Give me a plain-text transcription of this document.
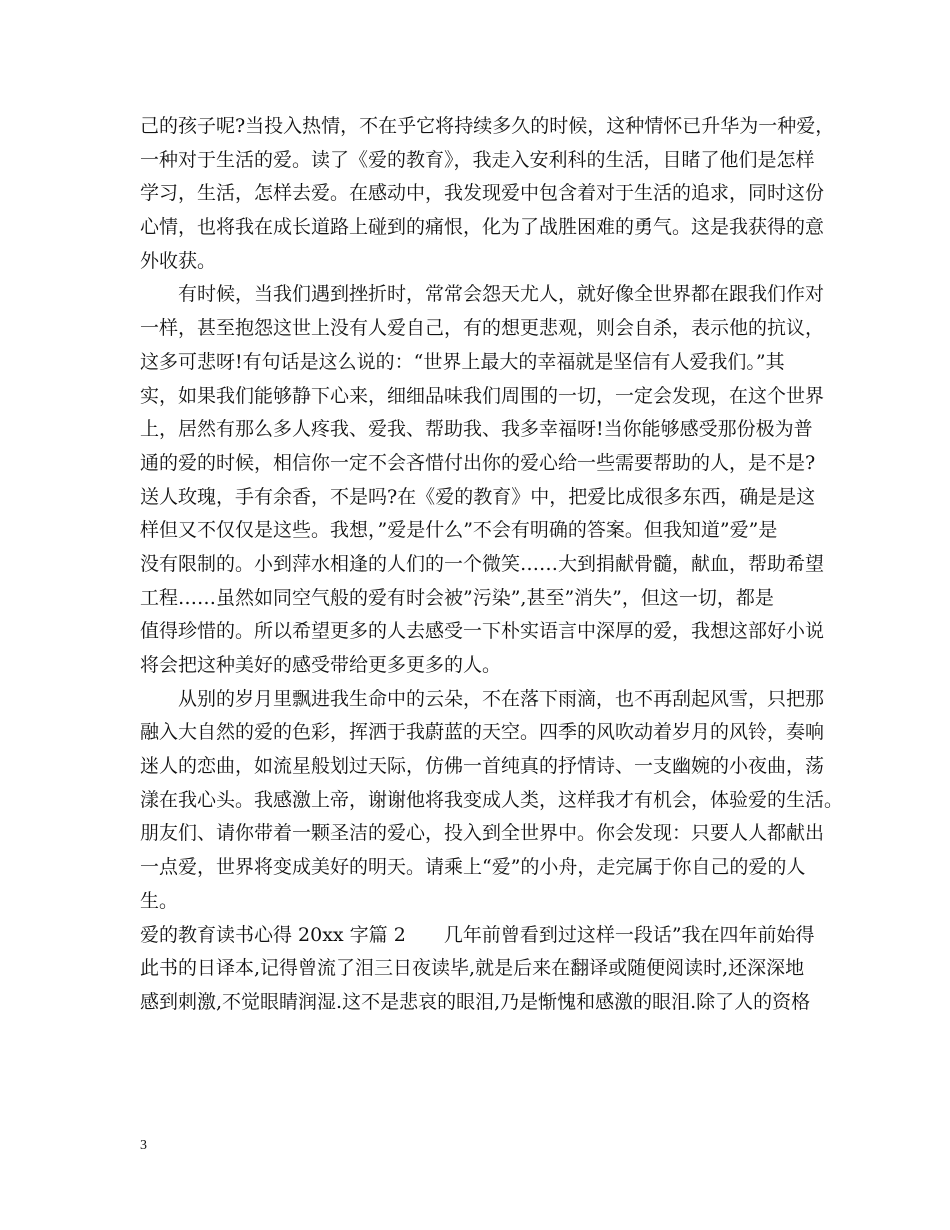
己的孩子呢?当投入热情，不在乎它将持续多久的时候，这种情怀已升华为一种爱，
一种对于生活的爱。读了《爱的教育》，我走入安利科的生活，目睹了他们是怎样
学习，生活，怎样去爱。在感动中，我发现爱中包含着对于生活的追求，同时这份
心情，也将我在成长道路上碰到的痛恨，化为了战胜困难的勇气。这是我获得的意
外收获。
　　有时候，当我们遇到挫折时，常常会怨天尤人，就好像全世界都在跟我们作对
一样，甚至抱怨这世上没有人爱自己，有的想更悲观，则会自杀，表示他的抗议，
这多可悲呀!有句话是这么说的：“世界上最大的幸福就是坚信有人爱我们。”其
实，如果我们能够静下心来，细细品味我们周围的一切，一定会发现，在这个世界
上，居然有那么多人疼我、爱我、帮助我、我多幸福呀!当你能够感受那份极为普
通的爱的时候，相信你一定不会吝惜付出你的爱心给一些需要帮助的人，是不是?
送人玫瑰，手有余香，不是吗?在《爱的教育》中，把爱比成很多东西，确是是这
样但又不仅仅是这些。我想，”爱是什么”不会有明确的答案。但我知道”爱”是
没有限制的。小到萍水相逢的人们的一个微笑……大到捐献骨髓，献血，帮助希望
工程……虽然如同空气般的爱有时会被”污染”,甚至”消失”，但这一切，都是
值得珍惜的。所以希望更多的人去感受一下朴实语言中深厚的爱，我想这部好小说
将会把这种美好的感受带给更多更多的人。
　　从别的岁月里飘进我生命中的云朵，不在落下雨滴，也不再刮起风雪，只把那
融入大自然的爱的色彩，挥洒于我蔚蓝的天空。四季的风吹动着岁月的风铃，奏响
迷人的恋曲，如流星般划过天际，仿佛一首纯真的抒情诗、一支幽婉的小夜曲，荡
漾在我心头。我感激上帝，谢谢他将我变成人类，这样我才有机会，体验爱的生活。
朋友们、请你带着一颗圣洁的爱心，投入到全世界中。你会发现：只要人人都献出
一点爱，世界将变成美好的明天。请乘上“爱”的小舟，走完属于你自己的爱的人
生。
爱的教育读书心得 20xx 字篇 2　　几年前曾看到过这样一段话”我在四年前始得
此书的日译本,记得曾流了泪三日夜读毕,就是后来在翻译或随便阅读时,还深深地
感到刺激,不觉眼睛润湿.这不是悲哀的眼泪,乃是惭愧和感激的眼泪.除了人的资格
3
